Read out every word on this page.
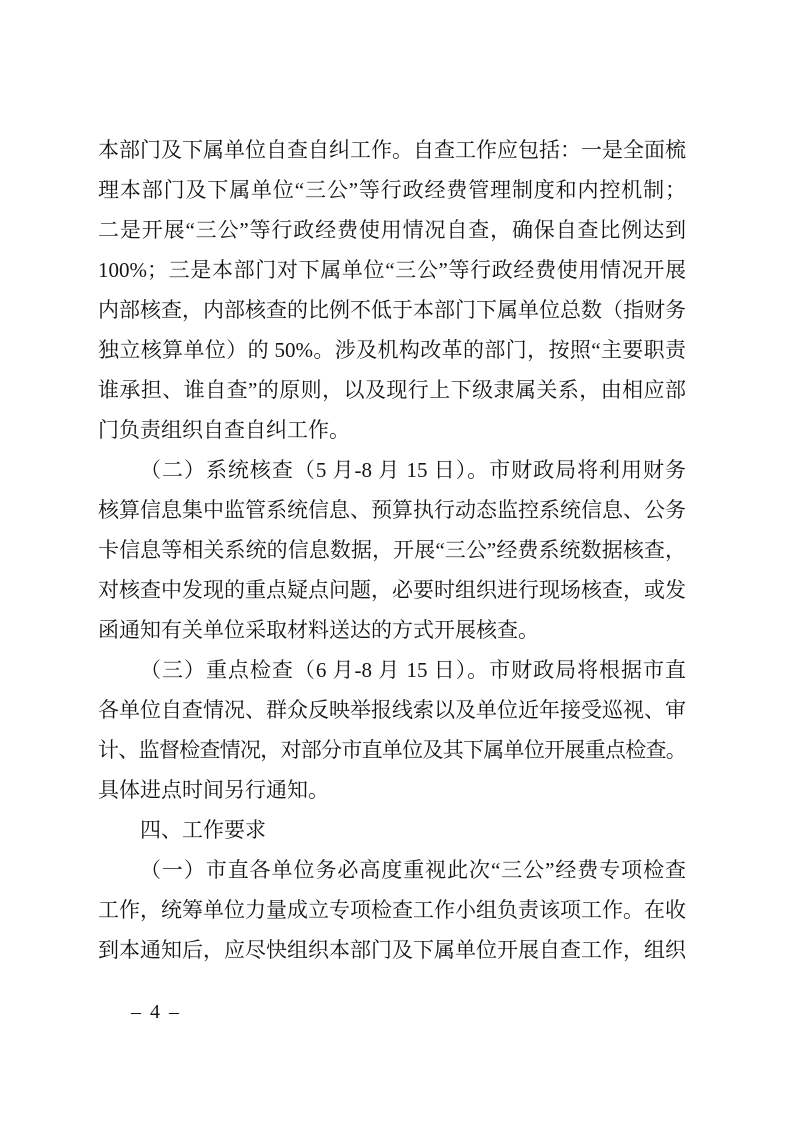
本部门及下属单位自查自纠工作。自查工作应包括：一是全面梳
理本部门及下属单位“三公”等行政经费管理制度和内控机制；
二是开展“三公”等行政经费使用情况自查，确保自查比例达到
100%；三是本部门对下属单位“三公”等行政经费使用情况开展
内部核查，内部核查的比例不低于本部门下属单位总数（指财务
独立核算单位）的 50%。涉及机构改革的部门，按照“主要职责
谁承担、谁自查”的原则，以及现行上下级隶属关系，由相应部
门负责组织自查自纠工作。
（二）系统核查（5 月-8 月 15 日）。市财政局将利用财务
核算信息集中监管系统信息、预算执行动态监控系统信息、公务
卡信息等相关系统的信息数据，开展“三公”经费系统数据核查，
对核查中发现的重点疑点问题，必要时组织进行现场核查，或发
函通知有关单位采取材料送达的方式开展核查。
（三）重点检查（6 月-8 月 15 日）。市财政局将根据市直
各单位自查情况、群众反映举报线索以及单位近年接受巡视、审
计、监督检查情况，对部分市直单位及其下属单位开展重点检查。
具体进点时间另行通知。
四、工作要求
（一）市直各单位务必高度重视此次“三公”经费专项检查
工作，统筹单位力量成立专项检查工作小组负责该项工作。在收
到本通知后，应尽快组织本部门及下属单位开展自查工作，组织
– 4 –
